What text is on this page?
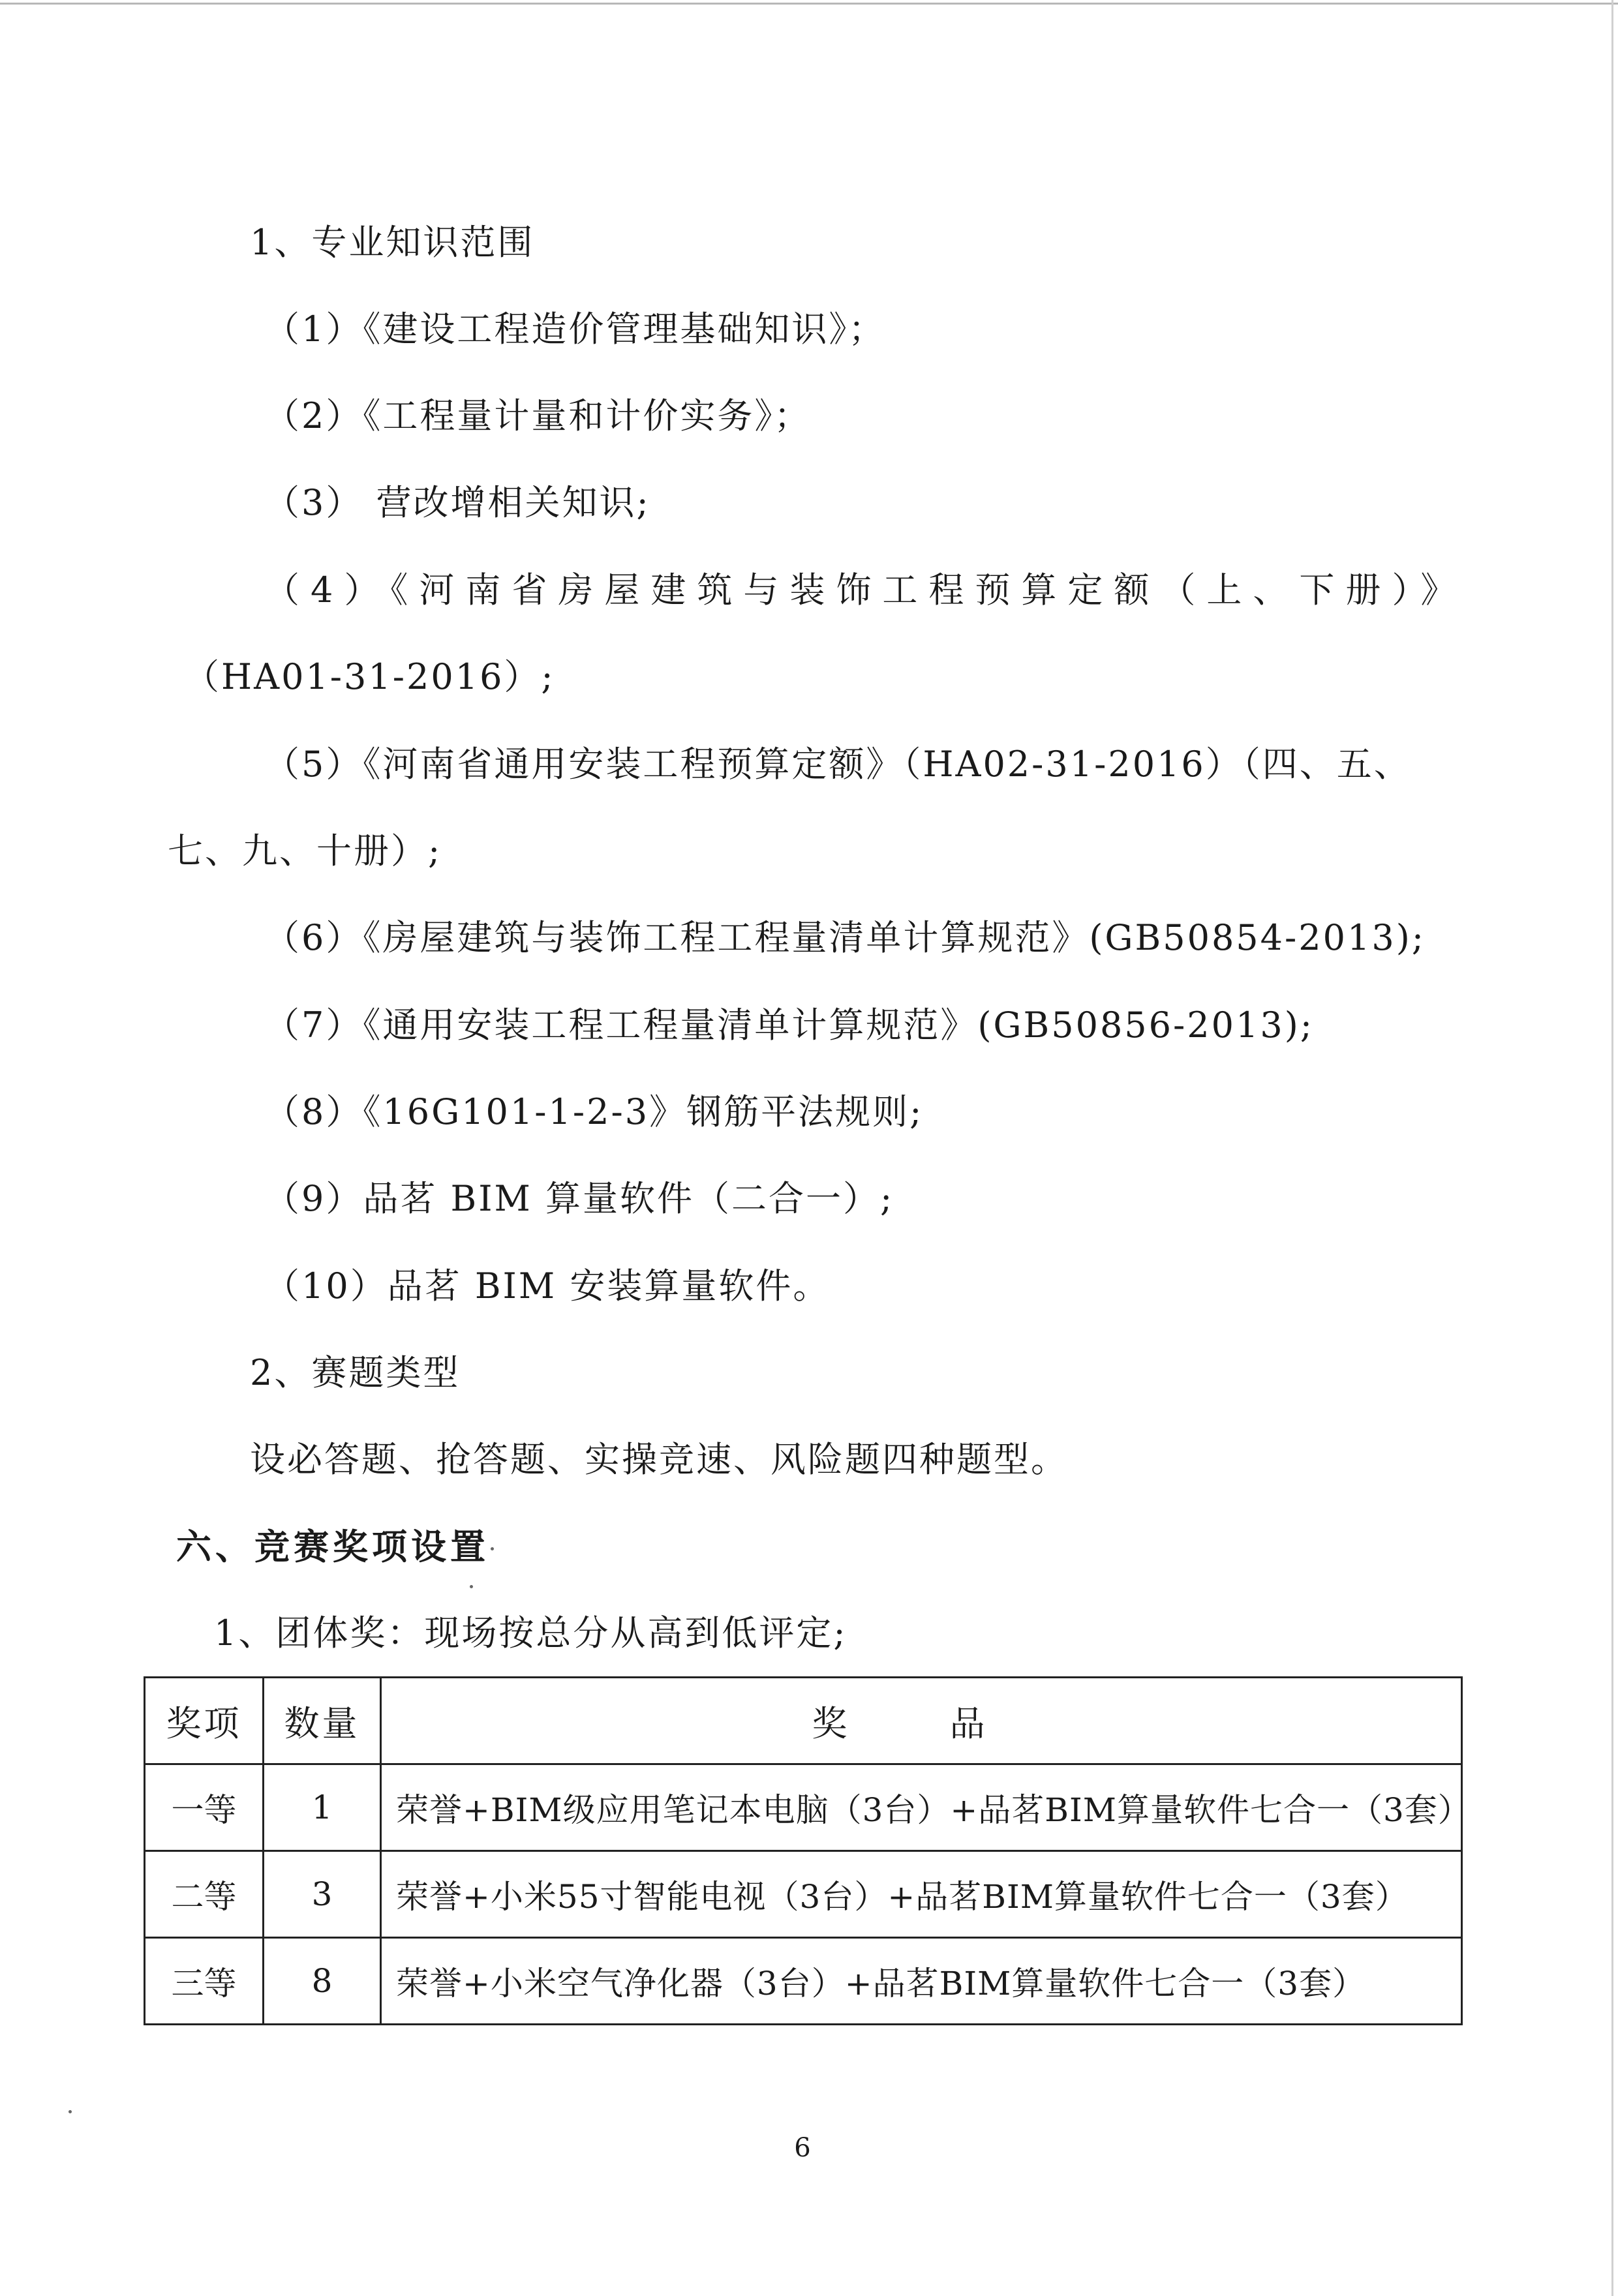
1、专业知识范围
（1）《建设工程造价管理基础知识》；
（2）《工程量计量和计价实务》；
（3） 营改增相关知识;
（4）《河南省房屋建筑与装饰工程预算定额（上、下册）》
（HA01-31-2016）;
（5）《河南省通用安装工程预算定额》（HA02-31-2016）（四、五、
七、九、十册）;
（6）《房屋建筑与装饰工程工程量清单计算规范》(GB50854-2013);
（7）《通用安装工程工程量清单计算规范》(GB50856-2013);
（8）《16G101-1-2-3》钢筋平法规则;
（9）品茗 BIM 算量软件（二合一）;
（10）品茗 BIM 安装算量软件。
2、赛题类型
设必答题、抢答题、实操竞速、风险题四种题型。
六、竞赛奖项设置
1、团体奖：现场按总分从高到低评定;
奖项	数量	奖 品
一等	1	荣誉+BIM级应用笔记本电脑（3台）+品茗BIM算量软件七合一（3套）
二等	3	荣誉+小米55寸智能电视（3台）+品茗BIM算量软件七合一（3套）
三等	8	荣誉+小米空气净化器（3台）+品茗BIM算量软件七合一（3套）
6
